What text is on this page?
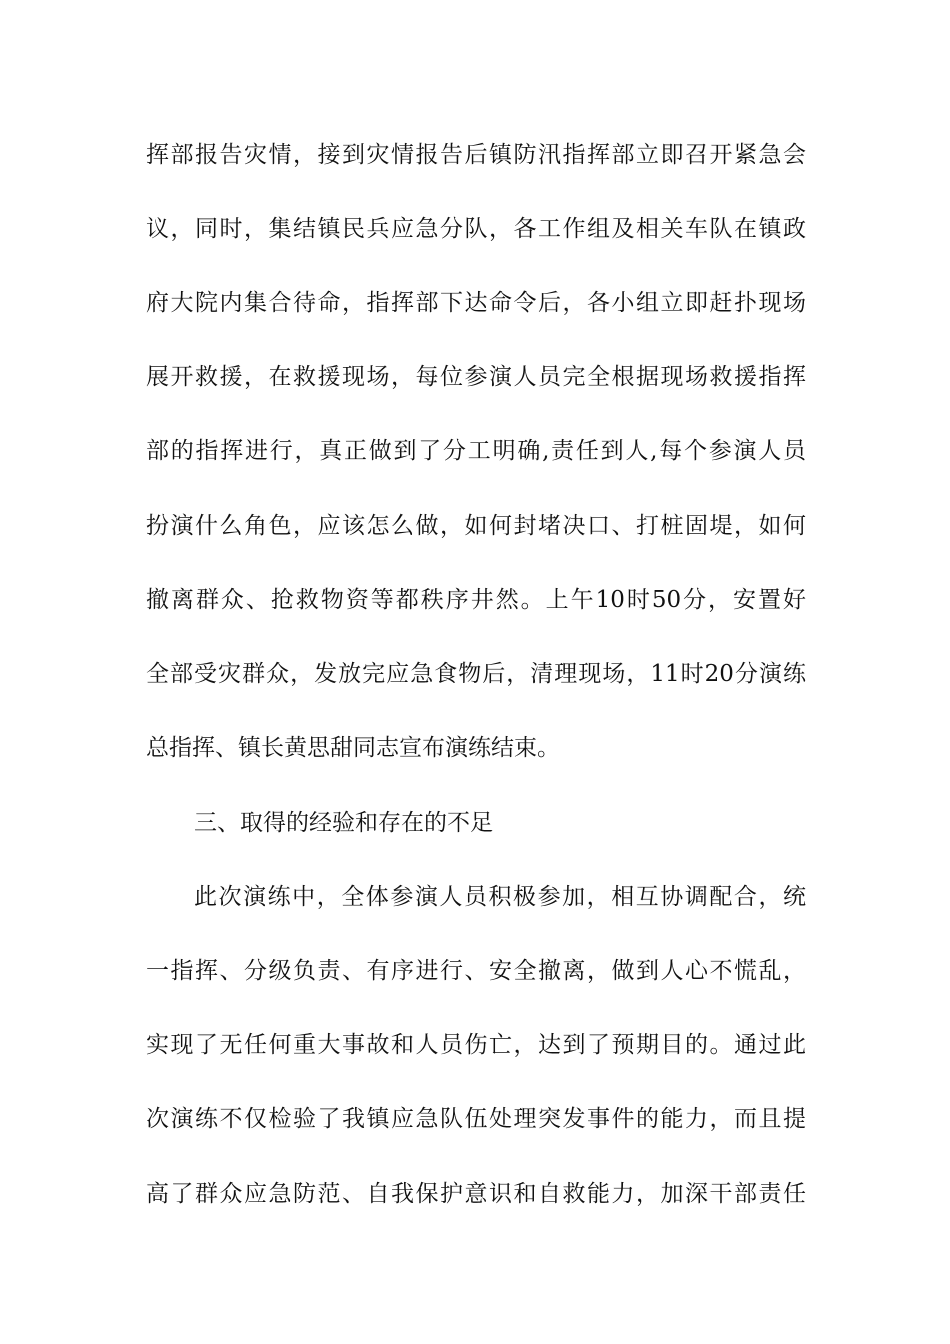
挥部报告灾情，接到灾情报告后镇防汛指挥部立即召开紧急会
议，同时，集结镇民兵应急分队，各工作组及相关车队在镇政
府大院内集合待命，指挥部下达命令后，各小组立即赶扑现场
展开救援，在救援现场，每位参演人员完全根据现场救援指挥
部的指挥进行，真正做到了分工明确,责任到人,每个参演人员
扮演什么角色，应该怎么做，如何封堵决口、打桩固堤，如何
撤离群众、抢救物资等都秩序井然。上午10时50分，安置好
全部受灾群众，发放完应急食物后，清理现场，11时20分演练
总指挥、镇长黄思甜同志宣布演练结束。
三、取得的经验和存在的不足
此次演练中，全体参演人员积极参加，相互协调配合，统
一指挥、分级负责、有序进行、安全撤离，做到人心不慌乱，
实现了无任何重大事故和人员伤亡，达到了预期目的。通过此
次演练不仅检验了我镇应急队伍处理突发事件的能力，而且提
高了群众应急防范、自我保护意识和自救能力，加深干部责任
